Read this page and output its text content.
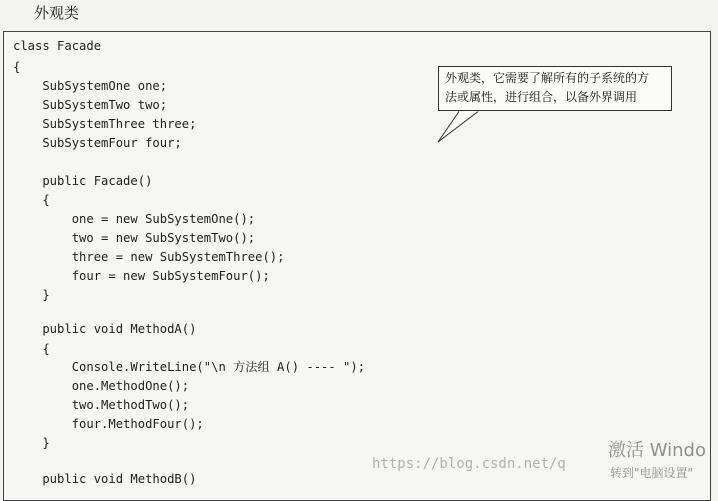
外观类
class Facade
{
SubSystemOne one;
SubSystemTwo two;
SubSystemThree three;
SubSystemFour four;
public Facade()
{
one = new SubSystemOne();
two = new SubSystemTwo();
three = new SubSystemThree();
four = new SubSystemFour();
}
public void MethodA()
{
Console.WriteLine("\n 方法组 A() ---- ");
one.MethodOne();
two.MethodTwo();
four.MethodFour();
}
public void MethodB()
外观类，它需要了解所有的子系统的方
法或属性，进行组合，以备外界调用
https://blog.csdn.net/q
激活 Windo
转到"电脑设置"
